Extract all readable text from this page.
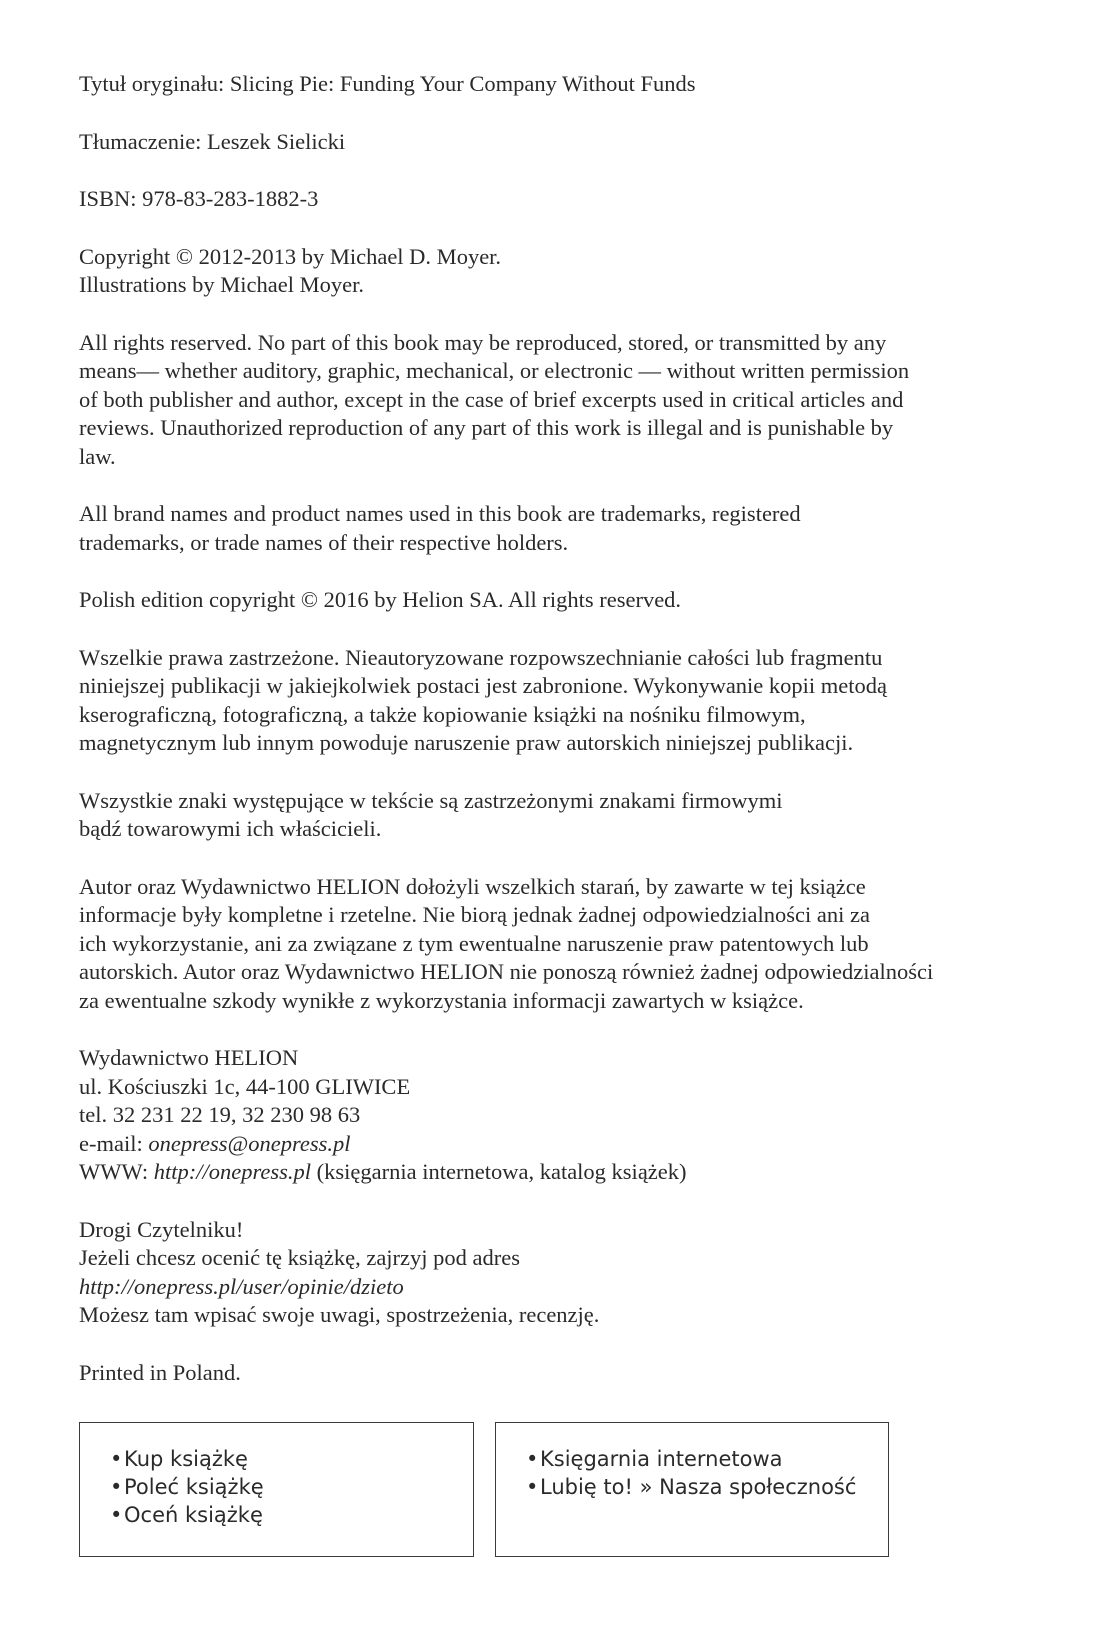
Tytuł oryginału: Slicing Pie: Funding Your Company Without Funds

Tłumaczenie: Leszek Sielicki

ISBN: 978-83-283-1882-3

Copyright © 2012-2013 by Michael D. Moyer.
Illustrations by Michael Moyer.

All rights reserved. No part of this book may be reproduced, stored, or transmitted by any
means— whether auditory, graphic, mechanical, or electronic — without written permission
of both publisher and author, except in the case of brief excerpts used in critical articles and
reviews. Unauthorized reproduction of any part of this work is illegal and is punishable by
law.

All brand names and product names used in this book are trademarks, registered
trademarks, or trade names of their respective holders.

Polish edition copyright © 2016 by Helion SA. All rights reserved.

Wszelkie prawa zastrzeżone. Nieautoryzowane rozpowszechnianie całości lub fragmentu
niniejszej publikacji w jakiejkolwiek postaci jest zabronione. Wykonywanie kopii metodą
kserograficzną, fotograficzną, a także kopiowanie książki na nośniku filmowym,
magnetycznym lub innym powoduje naruszenie praw autorskich niniejszej publikacji.

Wszystkie znaki występujące w tekście są zastrzeżonymi znakami firmowymi
bądź towarowymi ich właścicieli.

Autor oraz Wydawnictwo HELION dołożyli wszelkich starań, by zawarte w tej książce
informacje były kompletne i rzetelne. Nie biorą jednak żadnej odpowiedzialności ani za
ich wykorzystanie, ani za związane z tym ewentualne naruszenie praw patentowych lub
autorskich. Autor oraz Wydawnictwo HELION nie ponoszą również żadnej odpowiedzialności
za ewentualne szkody wynikłe z wykorzystania informacji zawartych w książce.

Wydawnictwo HELION
ul. Kościuszki 1c, 44-100 GLIWICE
tel. 32 231 22 19, 32 230 98 63
e-mail: onepress@onepress.pl
WWW: http://onepress.pl (księgarnia internetowa, katalog książek)

Drogi Czytelniku!
Jeżeli chcesz ocenić tę książkę, zajrzyj pod adres
http://onepress.pl/user/opinie/dzieto
Możesz tam wpisać swoje uwagi, spostrzeżenia, recenzję.

Printed in Poland.

•Kup książkę
•Poleć książkę
•Oceń książkę
•Księgarnia internetowa
•Lubię to! » Nasza społeczność
